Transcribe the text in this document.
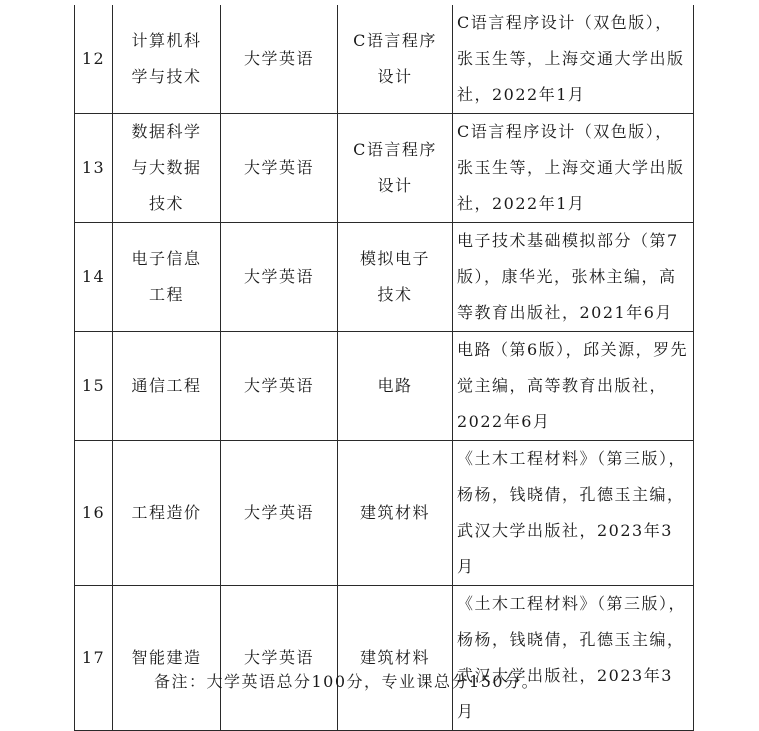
12	计算机科学与技术	大学英语	C语言程序设计	C语言程序设计（双色版），张玉生等，上海交通大学出版社，2022年1月

13	数据科学与大数据技术	大学英语	C语言程序设计	C语言程序设计（双色版），张玉生等，上海交通大学出版社，2022年1月

14	电子信息工程	大学英语	模拟电子技术	电子技术基础模拟部分（第7版），康华光，张林主编，高等教育出版社，2021年6月

15	通信工程	大学英语	电路	电路（第6版），邱关源，罗先觉主编，高等教育出版社，2022年6月

16	工程造价	大学英语	建筑材料	《土木工程材料》（第三版），杨杨，钱晓倩，孔德玉主编，武汉大学出版社，2023年3月

17	智能建造	大学英语	建筑材料	《土木工程材料》（第三版），杨杨，钱晓倩，孔德玉主编，武汉大学出版社，2023年3月
备注：大学英语总分100分，专业课总分150分。
